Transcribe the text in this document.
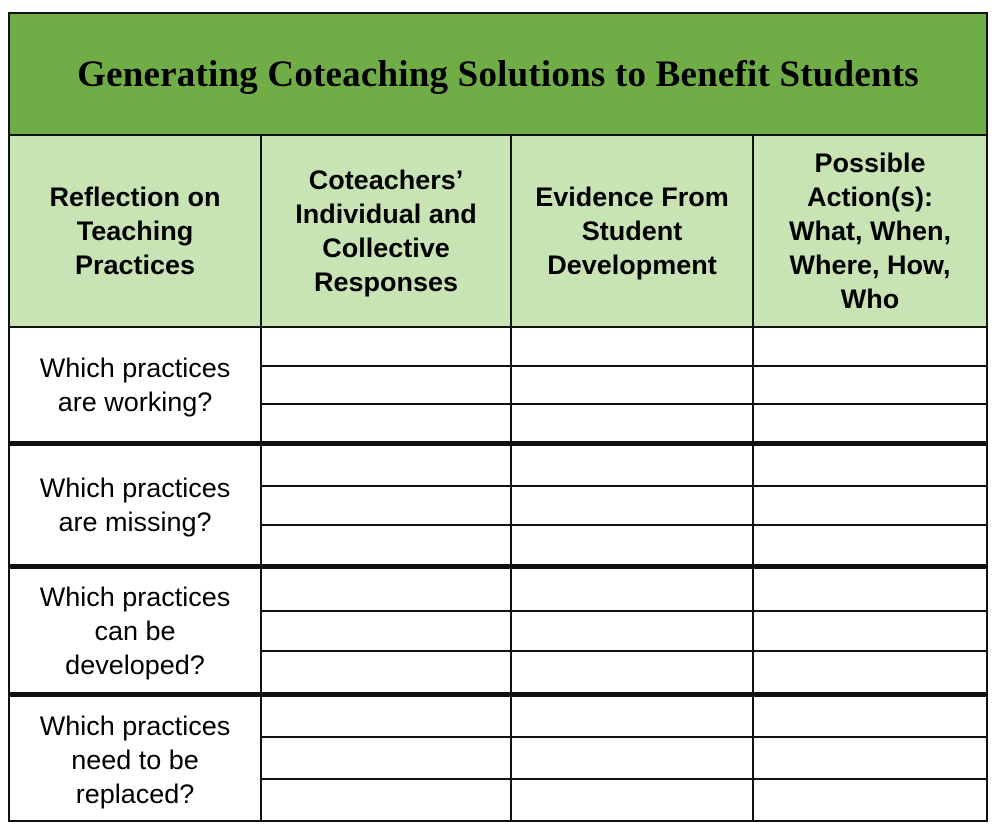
Generating Coteaching Solutions to Benefit Students
Reflection on
Teaching
Practices
Coteachers’
Individual and
Collective
Responses
Evidence From
Student
Development
Possible
Action(s):
What, When,
Where, How,
Who
Which practices
are working?
Which practices
are missing?
Which practices
can be
developed?
Which practices
need to be
replaced?
